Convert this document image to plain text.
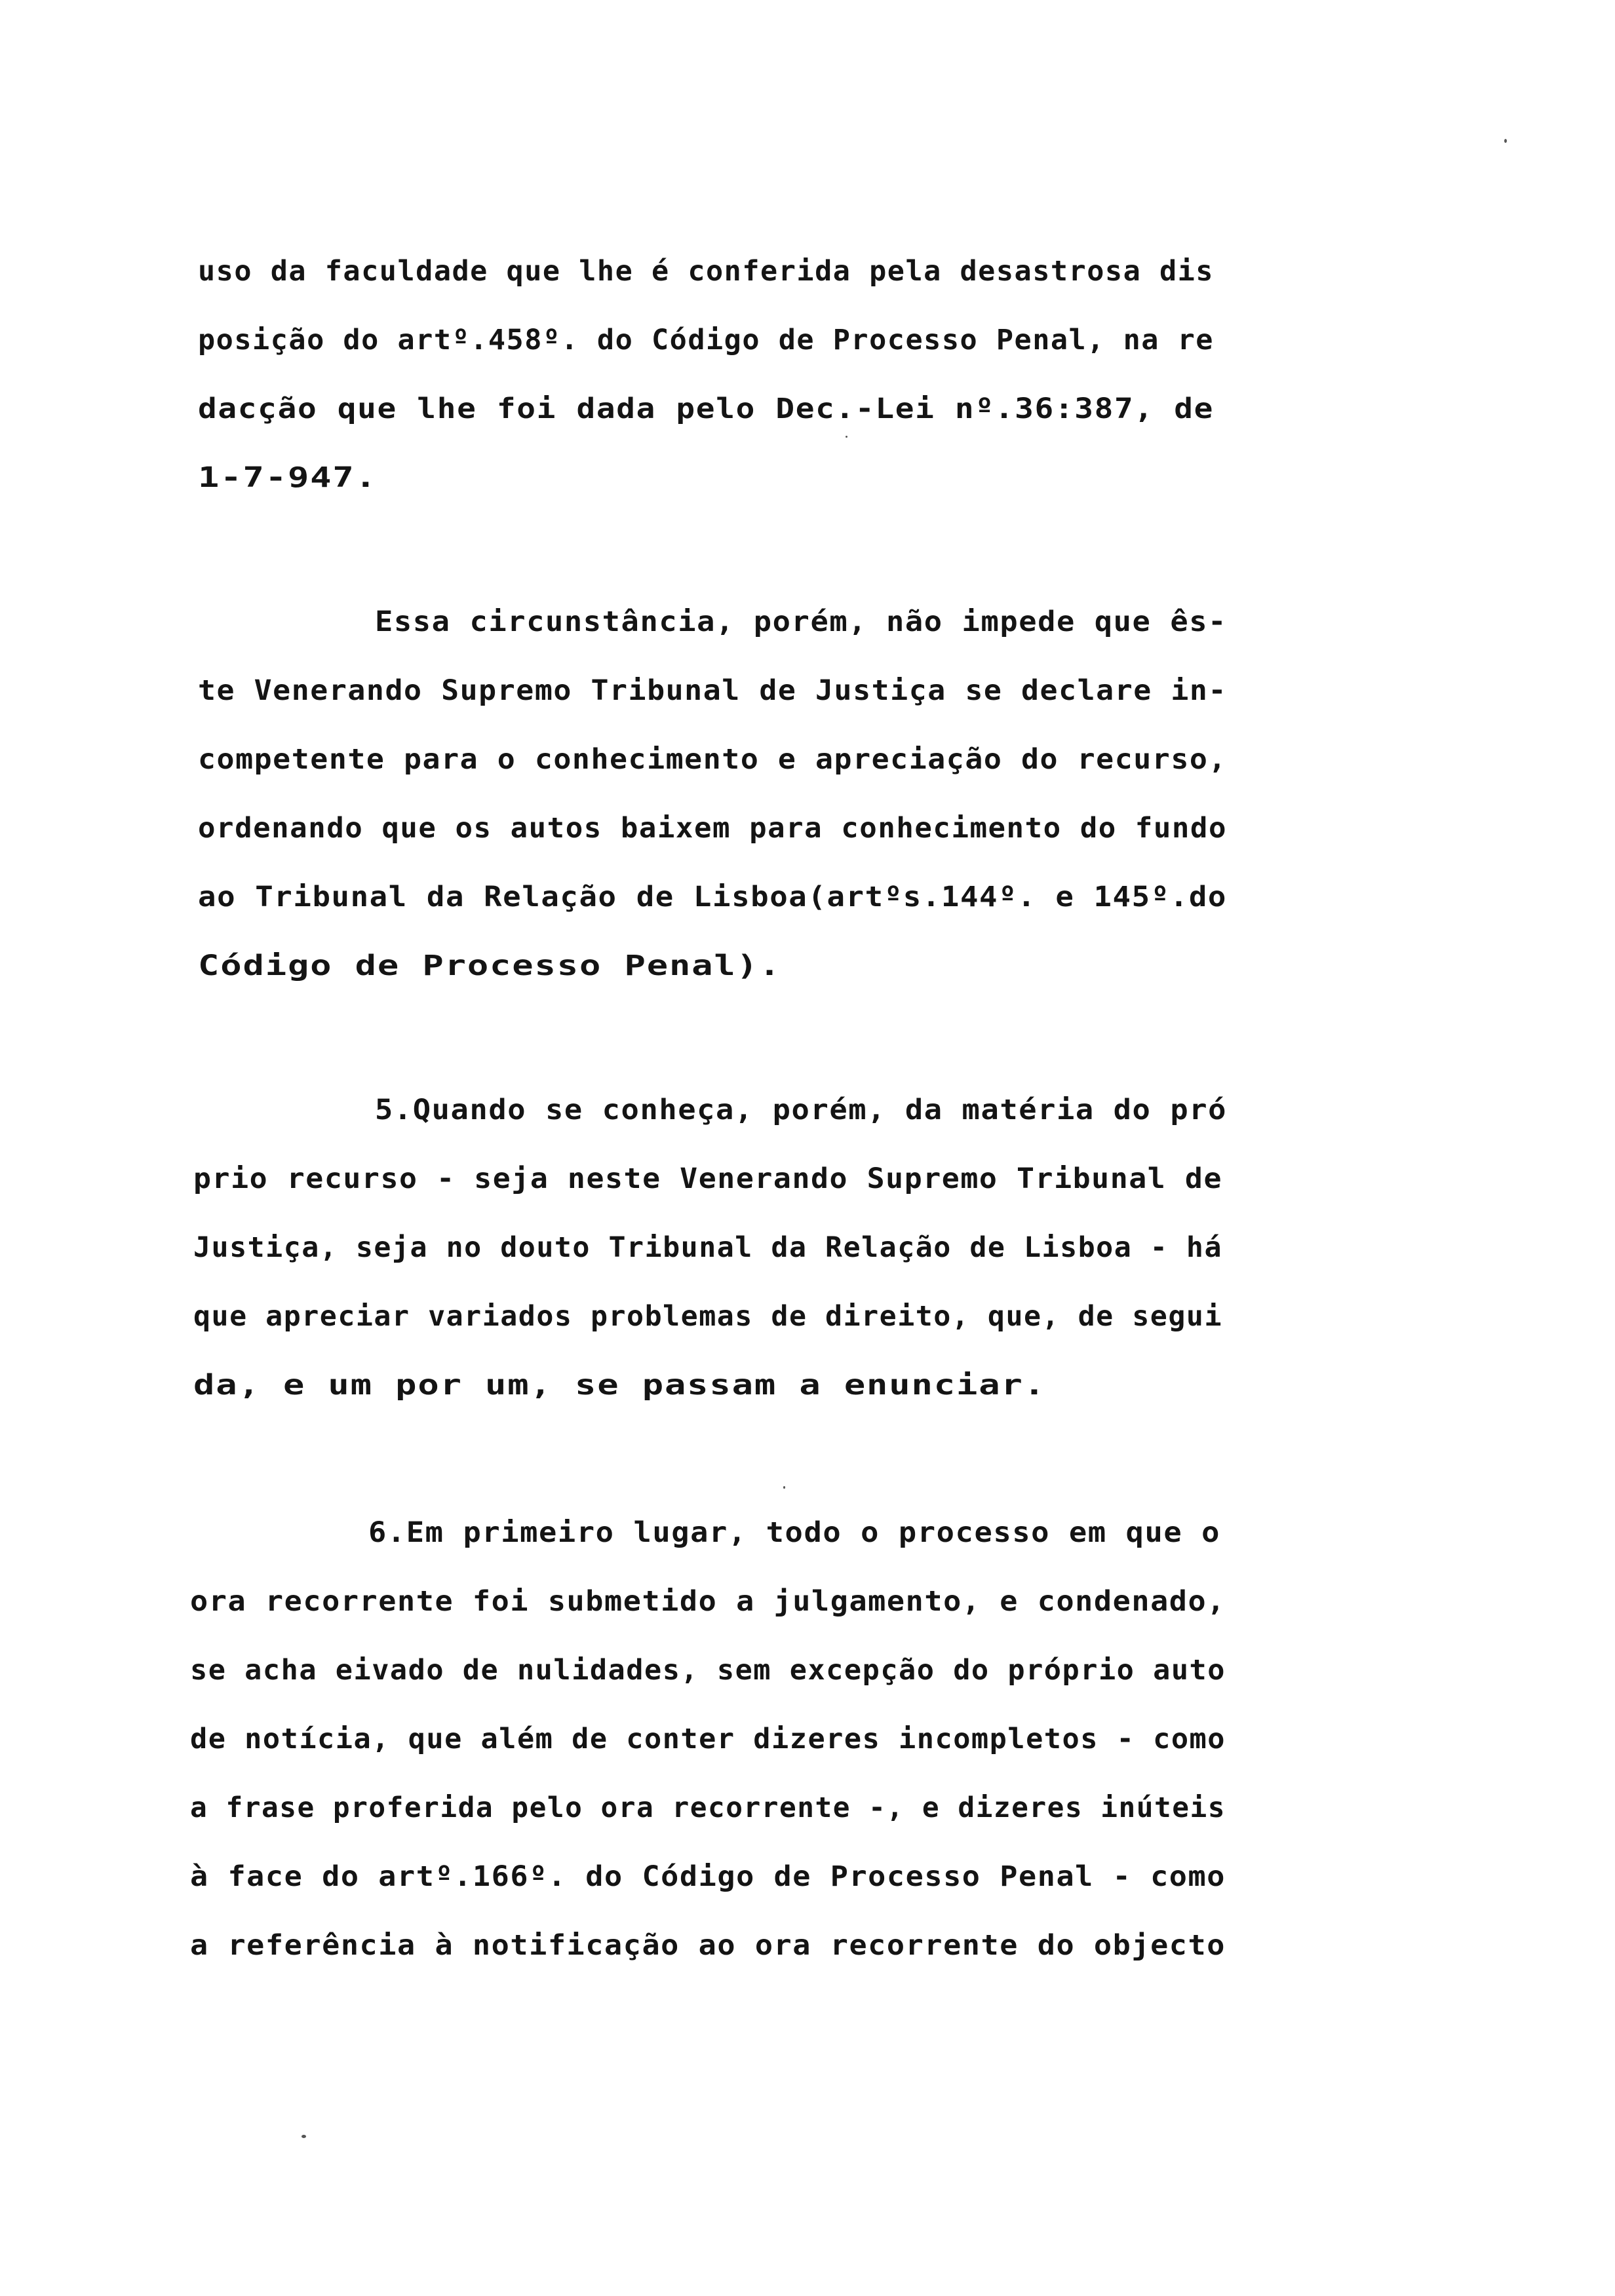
uso da faculdade que lhe é conferida pela desastrosa dis
posição do artº.458º. do Código de Processo Penal, na re
dacção que lhe foi dada pelo Dec.-Lei nº.36:387, de
1-7-947.
Essa circunstância, porém, não impede que ês-
te Venerando Supremo Tribunal de Justiça se declare in-
competente para o conhecimento e apreciação do recurso,
ordenando que os autos baixem para conhecimento do fundo
ao Tribunal da Relação de Lisboa(artºs.144º. e 145º.do
Código de Processo Penal).
5.Quando se conheça, porém, da matéria do pró
prio recurso - seja neste Venerando Supremo Tribunal de
Justiça, seja no douto Tribunal da Relação de Lisboa - há
que apreciar variados problemas de direito, que, de segui
da, e um por um, se passam a enunciar.
6.Em primeiro lugar, todo o processo em que o
ora recorrente foi submetido a julgamento, e condenado,
se acha eivado de nulidades, sem excepção do próprio auto
de notícia, que além de conter dizeres incompletos - como
a frase proferida pelo ora recorrente -, e dizeres inúteis
à face do artº.166º. do Código de Processo Penal - como
a referência à notificação ao ora recorrente do objecto
